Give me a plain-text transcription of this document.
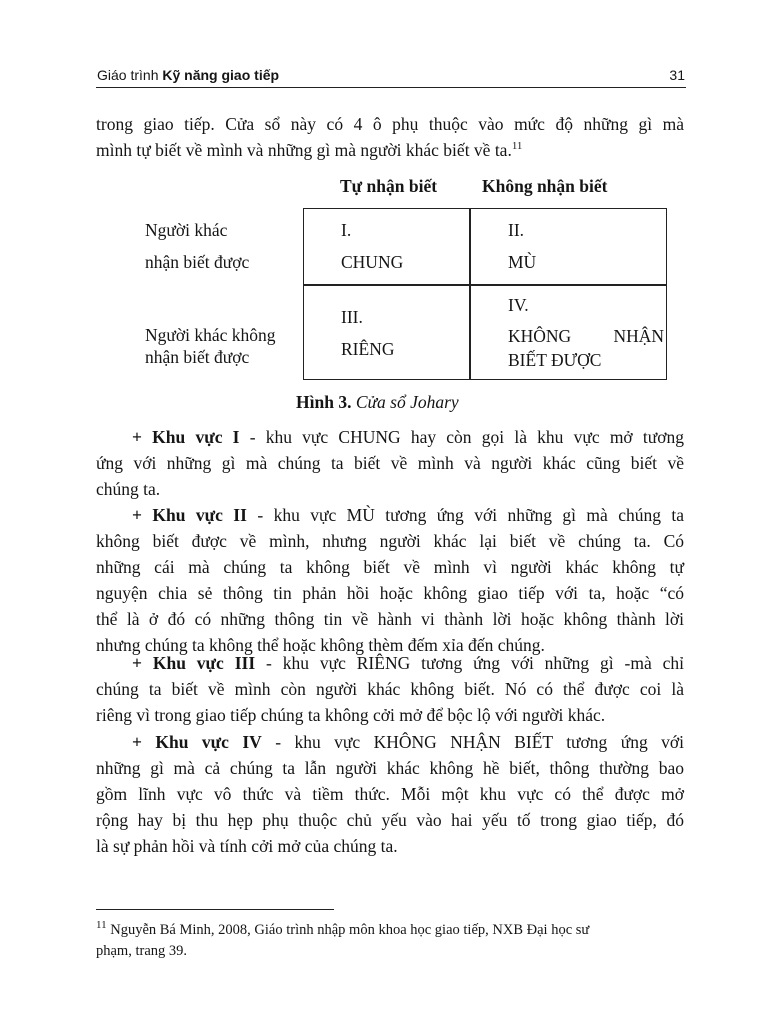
Giáo trình Kỹ năng giao tiếp	31
trong giao tiếp. Cửa sổ này có 4 ô phụ thuộc vào mức độ những gì mà
mình tự biết về mình và những gì mà người khác biết về ta.$^{11}$
Tự nhận biết	Không nhận biết
Người khác
nhận biết được
Người khác không
nhận biết được
I.
CHUNG
II.
MÙ
III.
RIÊNG
IV.
KHÔNG NHẬN
BIẾT ĐƯỢC
Hình 3. Cửa sổ Johary
+ Khu vực I - khu vực CHUNG hay còn gọi là khu vực mở tương
ứng với những gì mà chúng ta biết về mình và người khác cũng biết về
chúng ta.
+ Khu vực II - khu vực MÙ tương ứng với những gì mà chúng ta
không biết được về mình, nhưng người khác lại biết về chúng ta. Có
những cái mà chúng ta không biết về mình vì người khác không tự
nguyện chia sẻ thông tin phản hồi hoặc không giao tiếp với ta, hoặc “có
thể là ở đó có những thông tin về hành vi thành lời hoặc không thành lời
nhưng chúng ta không thể hoặc không thèm đếm xỉa đến chúng.
+ Khu vực III - khu vực RIÊNG tương ứng với những gì -mà chỉ
chúng ta biết về mình còn người khác không biết. Nó có thể được coi là
riêng vì trong giao tiếp chúng ta không cởi mở để bộc lộ với người khác.
+ Khu vực IV - khu vực KHÔNG NHẬN BIẾT tương ứng với
những gì mà cả chúng ta lẫn người khác không hề biết, thông thường bao
gồm lĩnh vực vô thức và tiềm thức. Mỗi một khu vực có thể được mở
rộng hay bị thu hẹp phụ thuộc chủ yếu vào hai yếu tố trong giao tiếp, đó
là sự phản hồi và tính cởi mở của chúng ta.
$^{11}$ Nguyễn Bá Minh, 2008, Giáo trình nhập môn khoa học giao tiếp, NXB Đại học sư
phạm, trang 39.
